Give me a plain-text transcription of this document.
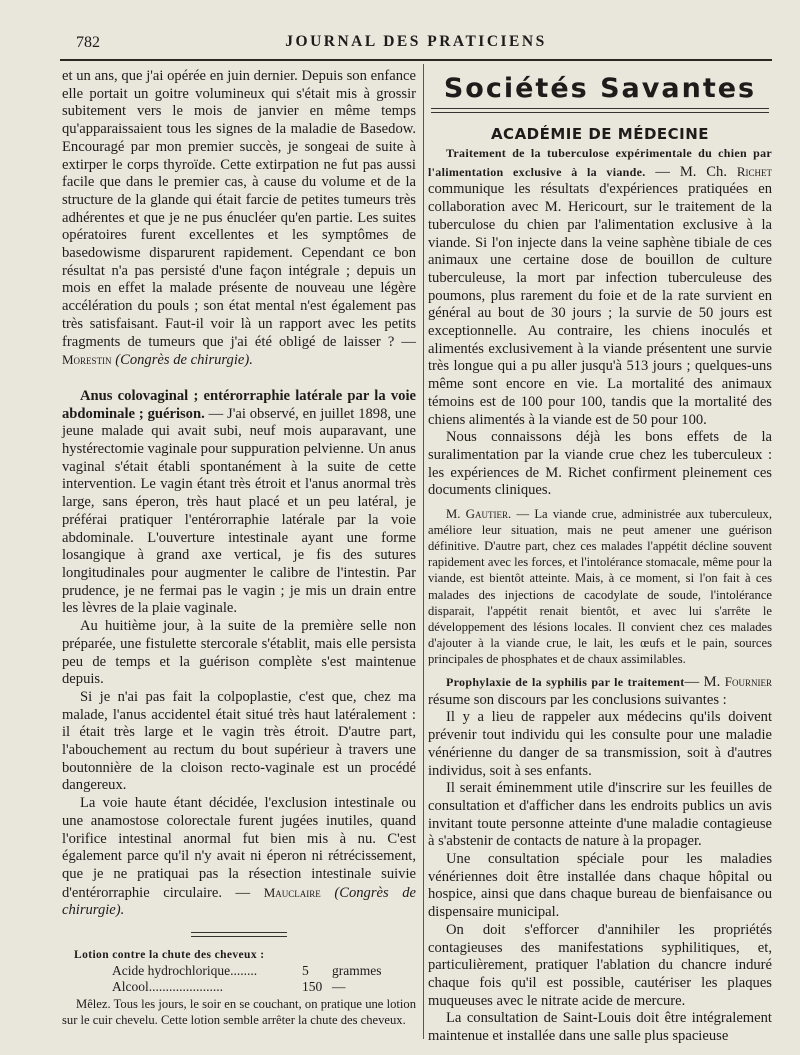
782	JOURNAL DES PRATICIENS

et un ans, que j'ai opérée en juin dernier. Depuis son enfance elle portait un goitre volumineux qui s'était mis à grossir subitement vers le mois de janvier en même temps qu'apparaissaient tous les signes de la maladie de Basedow. Encouragé par mon premier succès, je songeai de suite à extirper le corps thyroïde. Cette extirpation ne fut pas aussi facile que dans le premier cas, à cause du volume et de la structure de la glande qui était farcie de petites tumeurs très adhérentes et que je ne pus énucléer qu'en partie. Les suites opératoires furent excellentes et les symptômes de basedowisme disparurent rapidement. Cependant ce bon résultat n'a pas persisté d'une façon intégrale ; depuis un mois en effet la malade présente de nouveau une légère accélération du pouls ; son état mental n'est également pas très satisfaisant. Faut-il voir là un rapport avec les petits fragments de tumeurs que j'ai été obligé de laisser ? — Morestin (Congrès de chirurgie).

Anus colovaginal ; entérorraphie latérale par la voie abdominale ; guérison. — J'ai observé, en juillet 1898, une jeune malade qui avait subi, neuf mois auparavant, une hystérectomie vaginale pour suppuration pelvienne. Un anus vaginal s'était établi spontanément à la suite de cette intervention. Le vagin étant très étroit et l'anus anormal très large, sans éperon, très haut placé et un peu latéral, je préférai pratiquer l'entérorraphie latérale par la voie abdominale. L'ouverture intestinale ayant une forme losangique à grand axe vertical, je fis des sutures longitudinales pour augmenter le calibre de l'intestin. Par prudence, je ne fermai pas le vagin ; je mis un drain entre les lèvres de la plaie vaginale.

Au huitième jour, à la suite de la première selle non préparée, une fistulette stercorale s'établit, mais elle persista peu de temps et la guérison complète s'est maintenue depuis.

Si je n'ai pas fait la colpoplastie, c'est que, chez ma malade, l'anus accidentel était situé très haut latéralement : il était très large et le vagin très étroit. D'autre part, l'abouchement au rectum du bout supérieur à travers une boutonnière de la cloison recto-vaginale est un procédé dangereux.

La voie haute étant décidée, l'exclusion intestinale ou une anamostose colorectale furent jugées inutiles, quand l'orifice intestinal anormal fut bien mis à nu. C'est également parce qu'il n'y avait ni éperon ni rétrécissement, que je ne pratiquai pas la résection intestinale suivie d'entérorraphie circulaire. — Mauclaire (Congrès de chirurgie).

Lotion contre la chute des cheveux :
Acide hydrochlorique........	5 grammes
Alcool......................	150 —

Mêlez. Tous les jours, le soir en se couchant, on pratique une lotion sur le cuir chevelu. Cette lotion semble arrêter la chute des cheveux.

Sociétés Savantes
ACADÉMIE DE MÉDECINE

Traitement de la tuberculose expérimentale du chien par l'alimentation exclusive à la viande. — M. Ch. Richet communique les résultats d'expériences pratiquées en collaboration avec M. Hericourt, sur le traitement de la tuberculose du chien par l'alimentation exclusive à la viande. Si l'on injecte dans la veine saphène tibiale de ces animaux une certaine dose de bouillon de culture tuberculeuse, la mort par infection tuberculeuse des poumons, plus rarement du foie et de la rate survient en général au bout de 30 jours ; la survie de 50 jours est exceptionnelle. Au contraire, les chiens inoculés et alimentés exclusivement à la viande présentent une survie très longue qui a pu aller jusqu'à 513 jours ; quelques-uns même sont encore en vie. La mortalité des animaux témoins est de 100 pour 100, tandis que la mortalité des chiens alimentés à la viande est de 50 pour 100.

Nous connaissons déjà les bons effets de la suralimentation par la viande crue chez les tuberculeux : les expériences de M. Richet confirment pleinement ces documents cliniques.

M. Gautier. — La viande crue, administrée aux tuberculeux, améliore leur situation, mais ne peut amener une guérison définitive. D'autre part, chez ces malades l'appétit décline souvent rapidement avec les forces, et l'intolérance stomacale, même pour la viande, est bientôt atteinte. Mais, à ce moment, si l'on fait à ces malades des injections de cacodylate de soude, l'intolérance disparait, l'appétit renait bientôt, et avec lui s'arrête le développement des lésions locales. Il convient chez ces malades d'ajouter à la viande crue, le lait, les œufs et le pain, sources principales de phosphates et de chaux assimilables.

Prophylaxie de la syphilis par le traitement— M. Fournier résume son discours par les conclusions suivantes :

Il y a lieu de rappeler aux médecins qu'ils doivent prévenir tout individu qui les consulte pour une maladie vénérienne du danger de sa transmission, soit à d'autres individus, soit à ses enfants.

Il serait éminemment utile d'inscrire sur les feuilles de consultation et d'afficher dans les endroits publics un avis invitant toute personne atteinte d'une maladie contagieuse à s'abstenir de contacts de nature à la propager.

Une consultation spéciale pour les maladies vénériennes doit être installée dans chaque hôpital ou hospice, ainsi que dans chaque bureau de bienfaisance ou dispensaire municipal.

On doit s'efforcer d'annihiler les propriétés contagieuses des manifestations syphilitiques, et, particulièrement, pratiquer l'ablation du chancre induré chaque fois qu'il est possible, cautériser les plaques muqueuses avec le nitrate acide de mercure.

La consultation de Saint-Louis doit être intégralement maintenue et installée dans une salle plus spacieuse
